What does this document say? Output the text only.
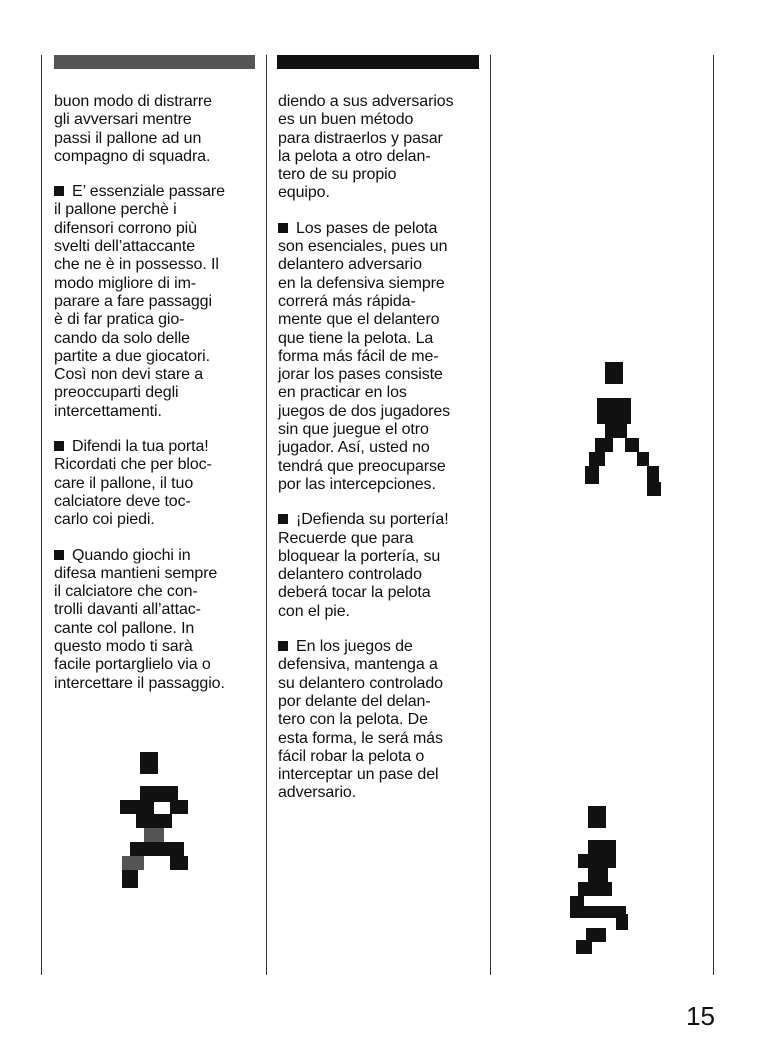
buon modo di distrarre
gli avversari mentre
passi il pallone ad un
compagno di squadra.

E’ essenziale passare
il pallone perchè i
difensori corrono più
svelti dell’attaccante
che ne è in possesso. Il
modo migliore di im-
parare a fare passaggi
è di far pratica gio-
cando da solo delle
partite a due giocatori.
Così non devi stare a
preoccuparti degli
intercettamenti.

Difendi la tua porta!
Ricordati che per bloc-
care il pallone, il tuo
calciatore deve toc-
carlo coi piedi.

Quando giochi in
difesa mantieni sempre
il calciatore che con-
trolli davanti all’attac-
cante col pallone. In
questo modo ti sarà
facile portarglielo via o
intercettare il passaggio.

diendo a sus adversarios
es un buen método
para distraerlos y pasar
la pelota a otro delan-
tero de su propio
equipo.

Los pases de pelota
son esenciales, pues un
delantero adversario
en la defensiva siempre
correrá más rápida-
mente que el delantero
que tiene la pelota. La
forma más fácil de me-
jorar los pases consiste
en practicar en los
juegos de dos jugadores
sin que juegue el otro
jugador. Así, usted no
tendrá que preocuparse
por las intercepciones.

¡Defienda su portería!
Recuerde que para
bloquear la portería, su
delantero controlado
deberá tocar la pelota
con el pie.

En los juegos de
defensiva, mantenga a
su delantero controlado
por delante del delan-
tero con la pelota. De
esta forma, le será más
fácil robar la pelota o
interceptar un pase del
adversario.

15
